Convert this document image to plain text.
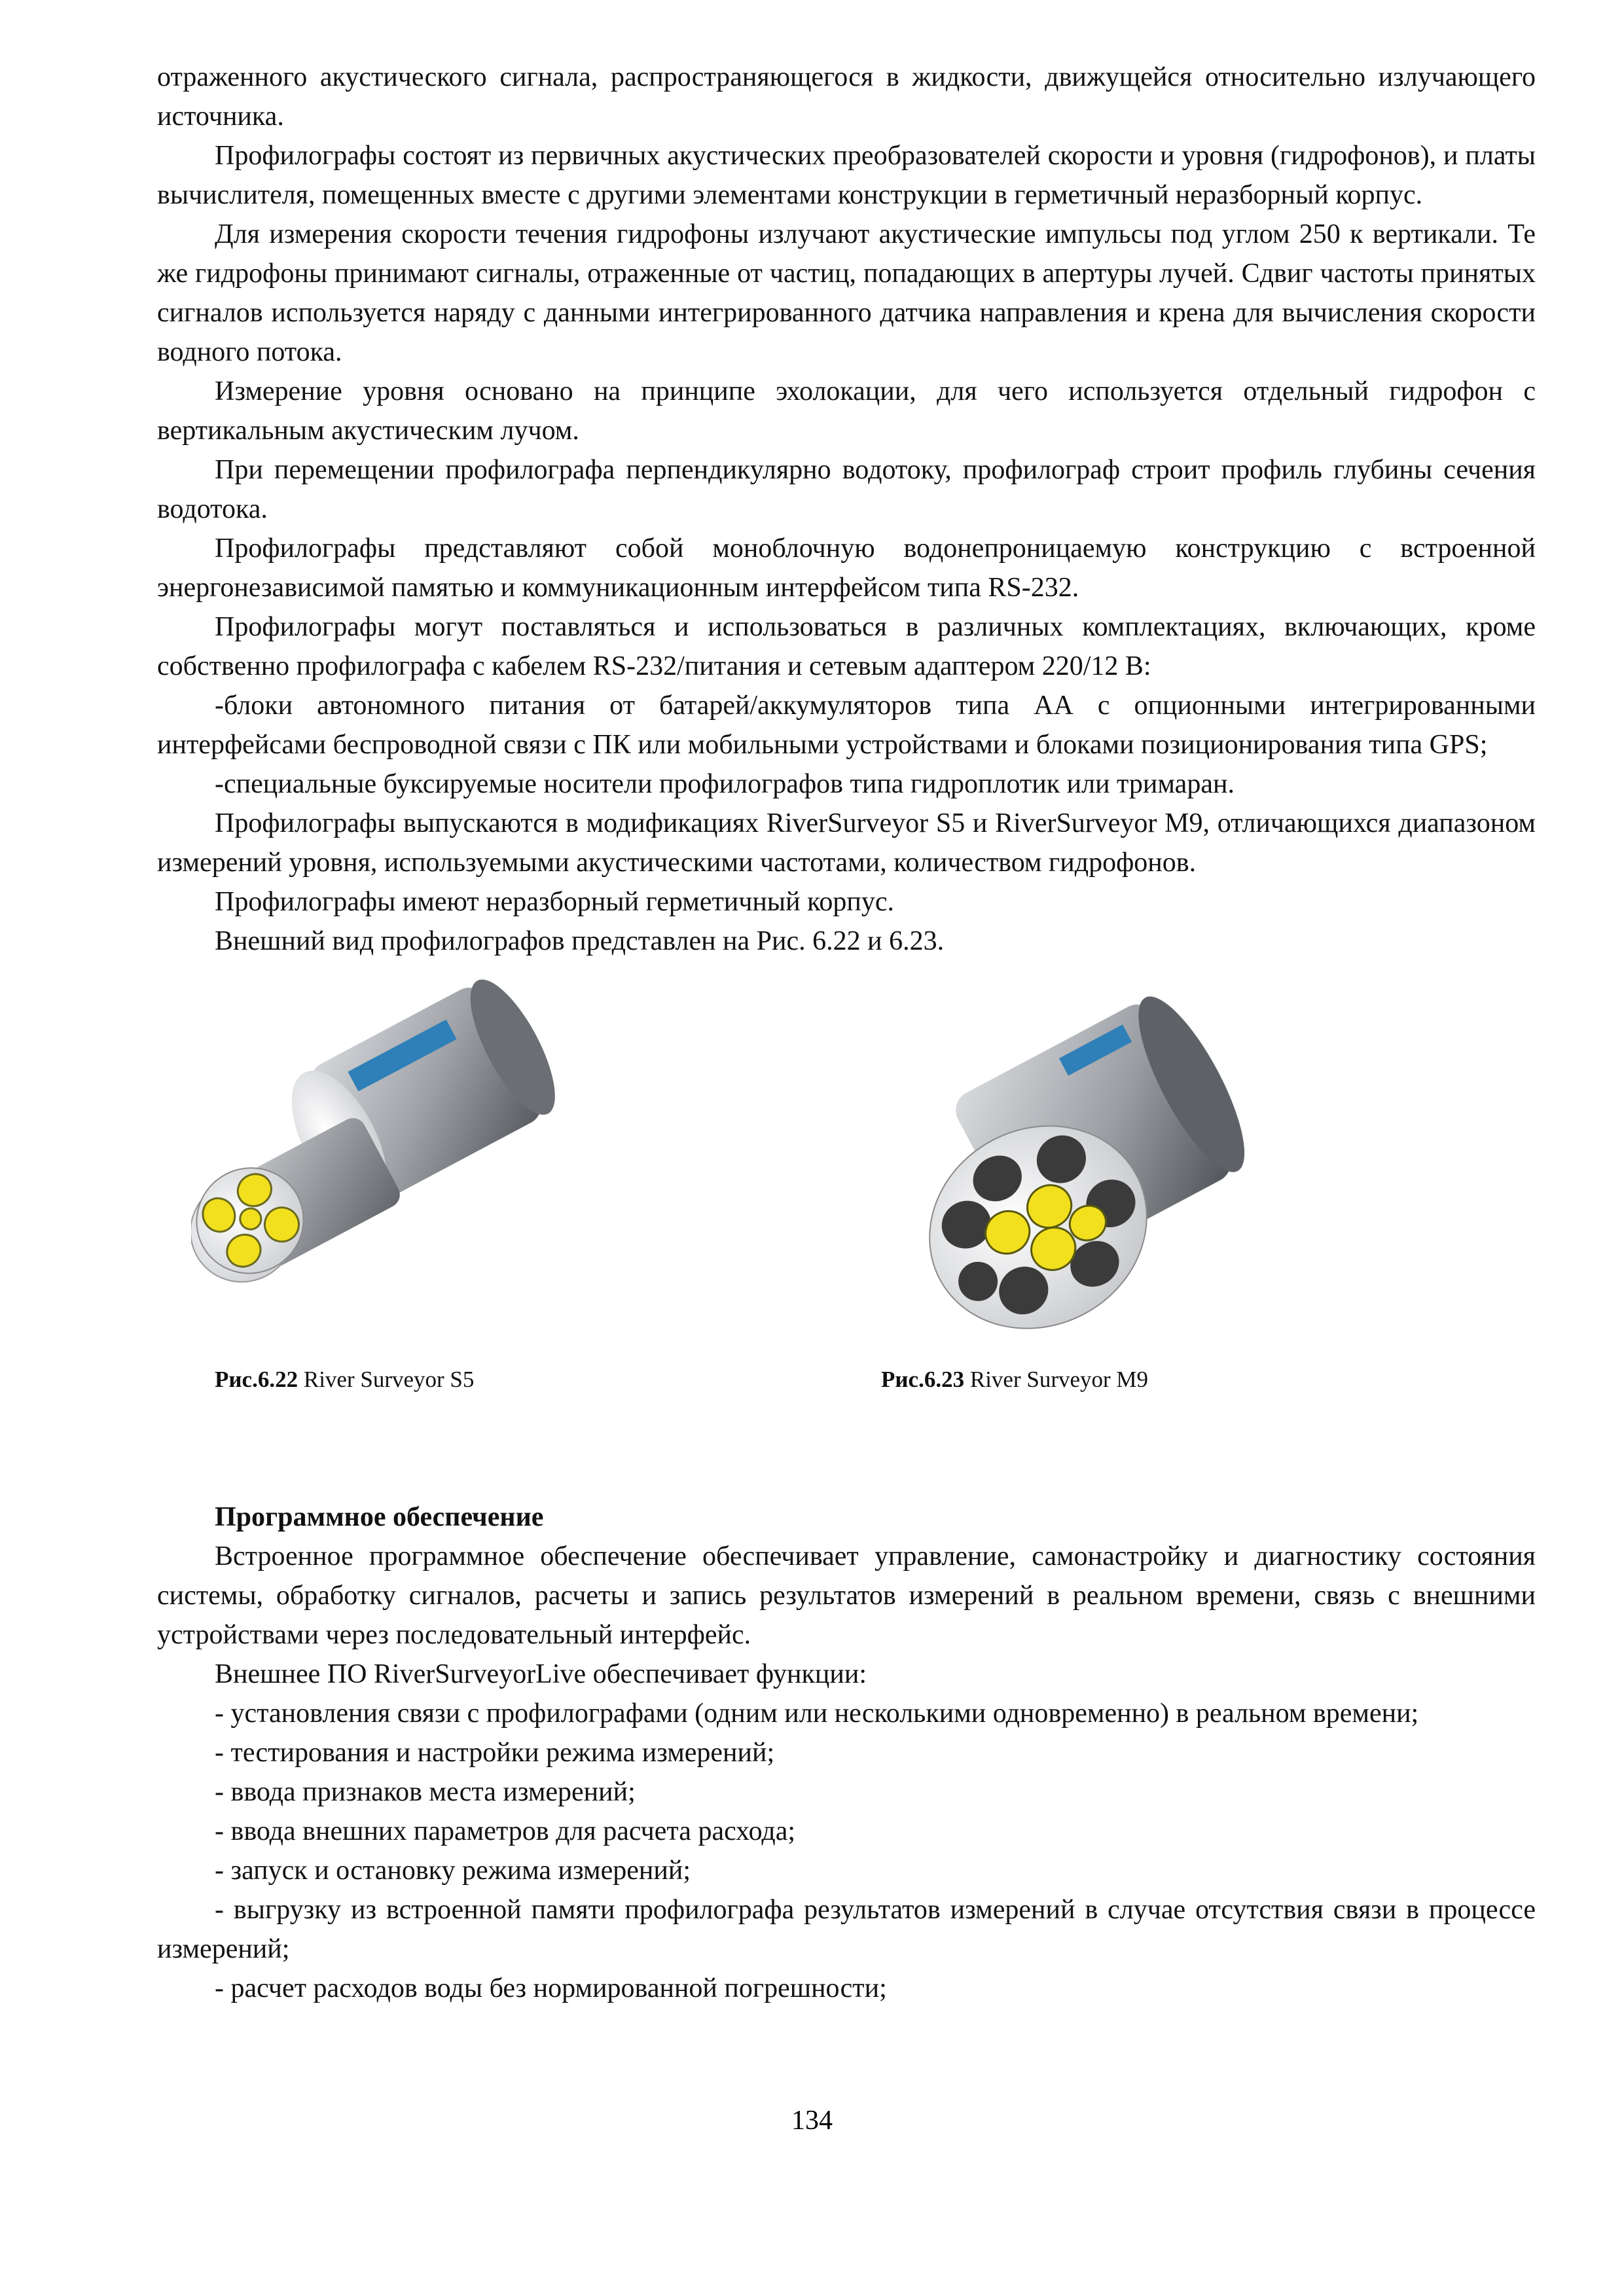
отраженного акустического сигнала, распространяющегося в жидкости, движущейся относительно излучающего источника.

Профилографы состоят из первичных акустических преобразователей скорости и уровня (гидрофонов), и платы вычислителя, помещенных вместе с другими элементами конструкции в герметичный неразборный корпус.

Для измерения скорости течения гидрофоны излучают акустические импульсы под углом 250 к вертикали. Те же гидрофоны принимают сигналы, отраженные от частиц, попадающих в апертуры лучей. Сдвиг частоты принятых сигналов используется наряду с данными интегрированного датчика направления и крена для вычисления скорости водного потока.

Измерение уровня основано на принципе эхолокации, для чего используется отдельный гидрофон с вертикальным акустическим лучом.

При перемещении профилографа перпендикулярно водотоку, профилограф строит профиль глубины сечения водотока.

Профилографы представляют собой моноблочную водонепроницаемую конструкцию с встроенной энергонезависимой памятью и коммуникационным интерфейсом типа RS-232.

Профилографы могут поставляться и использоваться в различных комплектациях, включающих, кроме собственно профилографа с кабелем RS-232/питания и сетевым адаптером 220/12 В:

-блоки автономного питания от батарей/аккумуляторов типа АА с опционными интегрированными интерфейсами беспроводной связи с ПК или мобильными устройствами и блоками позиционирования типа GPS;

-специальные буксируемые носители профилографов типа гидроплотик или тримаран.

Профилографы выпускаются в модификациях RiverSurveyor S5 и RiverSurveyor M9, отличающихся диапазоном измерений уровня, используемыми акустическими частотами, количеством гидрофонов.

Профилографы имеют неразборный герметичный корпус.

Внешний вид профилографов представлен на Рис. 6.22 и 6.23.

Рис.6.22 River Surveyor S5	Рис.6.23 River Surveyor M9
Программное обеспечение

Встроенное программное обеспечение обеспечивает управление, самонастройку и диагностику состояния системы, обработку сигналов, расчеты и запись результатов измерений в реальном времени, связь с внешними устройствами через последовательный интерфейс.

Внешнее ПО RiverSurveyorLive обеспечивает функции:

- установления связи с профилографами (одним или несколькими одновременно) в реальном времени;

- тестирования и настройки режима измерений;

- ввода признаков места измерений;

- ввода внешних параметров для расчета расхода;

- запуск и остановку режима измерений;

- выгрузку из встроенной памяти профилографа результатов измерений в случае отсутствия связи в процессе измерений;

- расчет расходов воды без нормированной погрешности;

134
